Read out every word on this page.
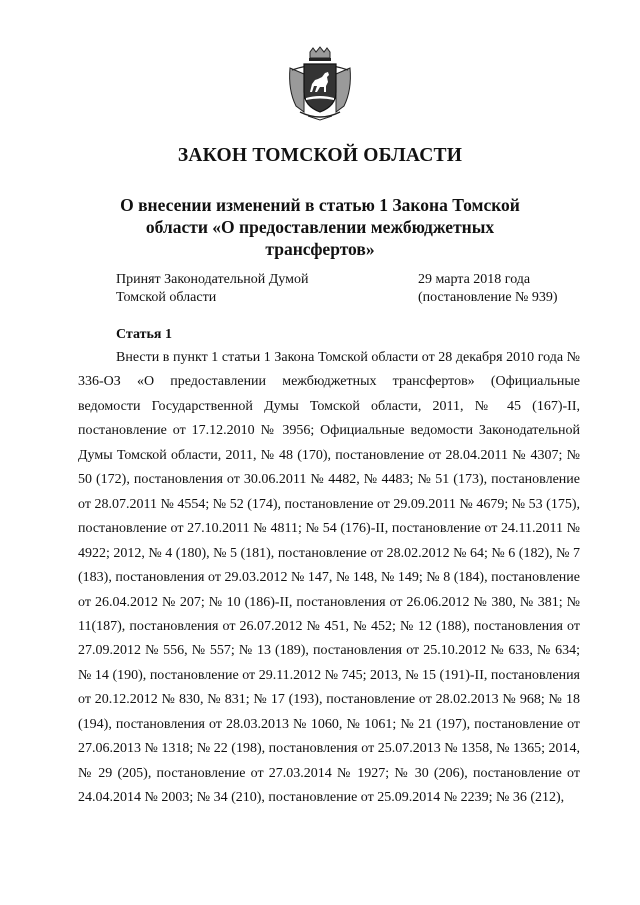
ЗАКОН ТОМСКОЙ ОБЛАСТИ
О внесении изменений в статью 1 Закона Томской области «О предоставлении межбюджетных трансфертов»
Принят Законодательной Думой
Томской области
29 марта 2018 года
(постановление № 939)
Статья 1
Внести в пункт 1 статьи 1 Закона Томской области от 28 декабря 2010 года № 336-ОЗ «О предоставлении межбюджетных трансфертов» (Официальные ведомости Государственной Думы Томской области, 2011, № 45 (167)-II, постановление от 17.12.2010 № 3956; Официальные ведомости Законодательной Думы Томской области, 2011, № 48 (170), постановление от 28.04.2011 № 4307; № 50 (172), постановления от 30.06.2011 № 4482, № 4483; № 51 (173), постановление от 28.07.2011 № 4554; № 52 (174), постановление от 29.09.2011 № 4679; № 53 (175), постановление от 27.10.2011 № 4811; № 54 (176)-II, постановление от 24.11.2011 № 4922; 2012, № 4 (180), № 5 (181), постановление от 28.02.2012 № 64; № 6 (182), № 7 (183), постановления от 29.03.2012 № 147, № 148, № 149; № 8 (184), постановление от 26.04.2012 № 207; № 10 (186)-II, постановления от 26.06.2012 № 380, № 381; № 11(187), постановления от 26.07.2012 № 451, № 452; № 12 (188), постановления от 27.09.2012 № 556, № 557; № 13 (189), постановления от 25.10.2012 № 633, № 634; № 14 (190), постановление от 29.11.2012 № 745; 2013, № 15 (191)-II, постановления от 20.12.2012 № 830, № 831; № 17 (193), постановление от 28.02.2013 № 968; № 18 (194), постановления от 28.03.2013 № 1060, № 1061; № 21 (197), постановление от 27.06.2013 № 1318; № 22 (198), постановления от 25.07.2013 № 1358, № 1365; 2014, № 29 (205), постановление от 27.03.2014 № 1927; № 30 (206), постановление от 24.04.2014 № 2003; № 34 (210), постановление от 25.09.2014 № 2239; № 36 (212),
